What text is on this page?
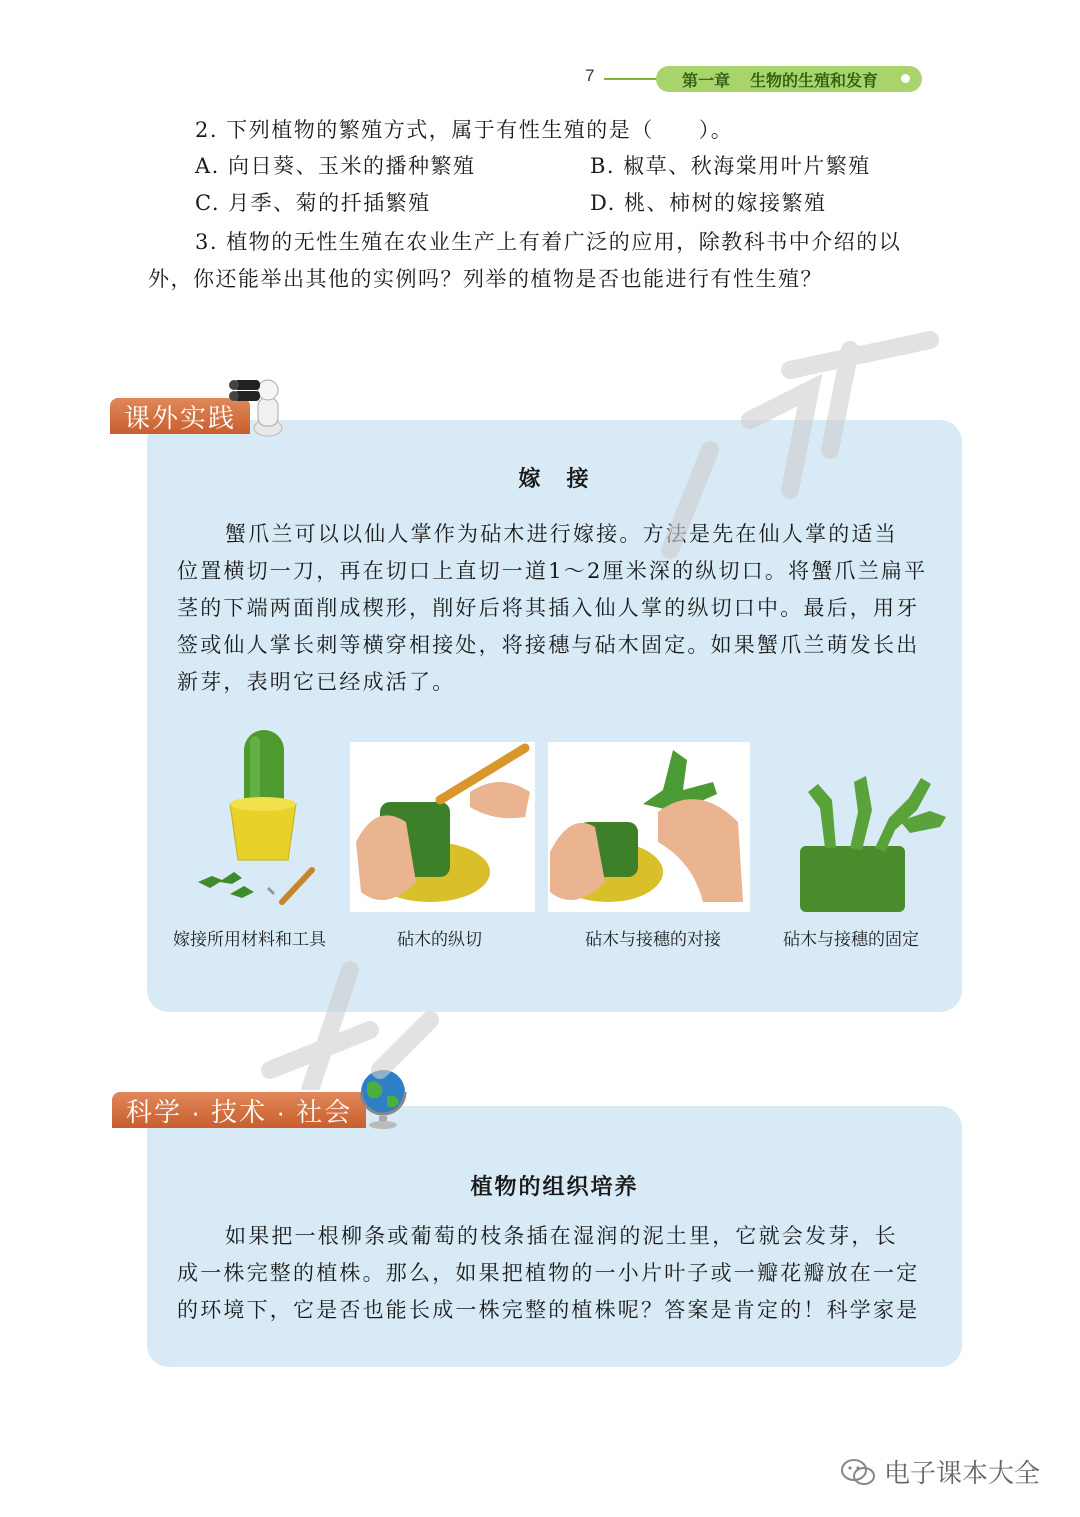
7	第一章 生物的生殖和发育
2. 下列植物的繁殖方式，属于有性生殖的是（　　）。
A. 向日葵、玉米的播种繁殖	B. 椒草、秋海棠用叶片繁殖
C. 月季、菊的扦插繁殖	D. 桃、柿树的嫁接繁殖
3. 植物的无性生殖在农业生产上有着广泛的应用，除教科书中介绍的以
外，你还能举出其他的实例吗？列举的植物是否也能进行有性生殖？
课外实践
嫁　接
蟹爪兰可以以仙人掌作为砧木进行嫁接。方法是先在仙人掌的适当
位置横切一刀，再在切口上直切一道1～2厘米深的纵切口。将蟹爪兰扁平
茎的下端两面削成楔形，削好后将其插入仙人掌的纵切口中。最后，用牙
签或仙人掌长刺等横穿相接处，将接穗与砧木固定。如果蟹爪兰萌发长出
新芽，表明它已经成活了。
嫁接所用材料和工具	砧木的纵切	砧木与接穗的对接	砧木与接穗的固定
科学 · 技术 · 社会
植物的组织培养
如果把一根柳条或葡萄的枝条插在湿润的泥土里，它就会发芽，长
成一株完整的植株。那么，如果把植物的一小片叶子或一瓣花瓣放在一定
的环境下，它是否也能长成一株完整的植株呢？答案是肯定的！科学家是
电子课本大全
